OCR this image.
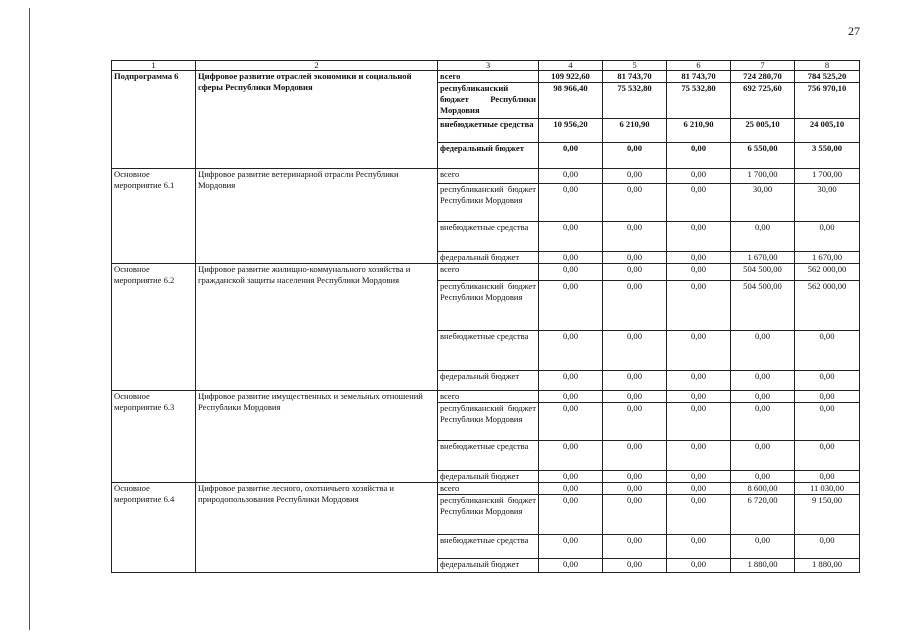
27
1	2	3	4	5	6	7	8
Подпрограмма 6	Цифровое развитие отраслей экономики и социальной сферы Республики Мордовия	всего	109 922,60	81 743,70	81 743,70	724 280,70	784 525,20
		республиканский бюджет Республики Мордовия	98 966,40	75 532,80	75 532,80	692 725,60	756 970,10
		внебюджетные средства	10 956,20	6 210,90	6 210,90	25 005,10	24 005,10
		федеральный бюджет	0,00	0,00	0,00	6 550,00	3 550,00
Основное мероприятие 6.1	Цифровое развитие ветеринарной отрасли Республики Мордовия	всего	0,00	0,00	0,00	1 700,00	1 700,00
		республиканский бюджет Республики Мордовия	0,00	0,00	0,00	30,00	30,00
		внебюджетные средства	0,00	0,00	0,00	0,00	0,00
		федеральный бюджет	0,00	0,00	0,00	1 670,00	1 670,00
Основное мероприятие 6.2	Цифровое развитие жилищно-коммунального хозяйства и гражданской защиты населения Республики Мордовия	всего	0,00	0,00	0,00	504 500,00	562 000,00
		республиканский бюджет Республики Мордовия	0,00	0,00	0,00	504 500,00	562 000,00
		внебюджетные средства	0,00	0,00	0,00	0,00	0,00
		федеральный бюджет	0,00	0,00	0,00	0,00	0,00
Основное мероприятие 6.3	Цифровое развитие имущественных и земельных отношений Республики Мордовия	всего	0,00	0,00	0,00	0,00	0,00
		республиканский бюджет Республики Мордовия	0,00	0,00	0,00	0,00	0,00
		внебюджетные средства	0,00	0,00	0,00	0,00	0,00
		федеральный бюджет	0,00	0,00	0,00	0,00	0,00
Основное мероприятие 6.4	Цифровое развитие лесного, охотничьего хозяйства и природопользования Республики Мордовия	всего	0,00	0,00	0,00	8 600,00	11 030,00
		республиканский бюджет Республики Мордовия	0,00	0,00	0,00	6 720,00	9 150,00
		внебюджетные средства	0,00	0,00	0,00	0,00	0,00
		федеральный бюджет	0,00	0,00	0,00	1 880,00	1 880,00
